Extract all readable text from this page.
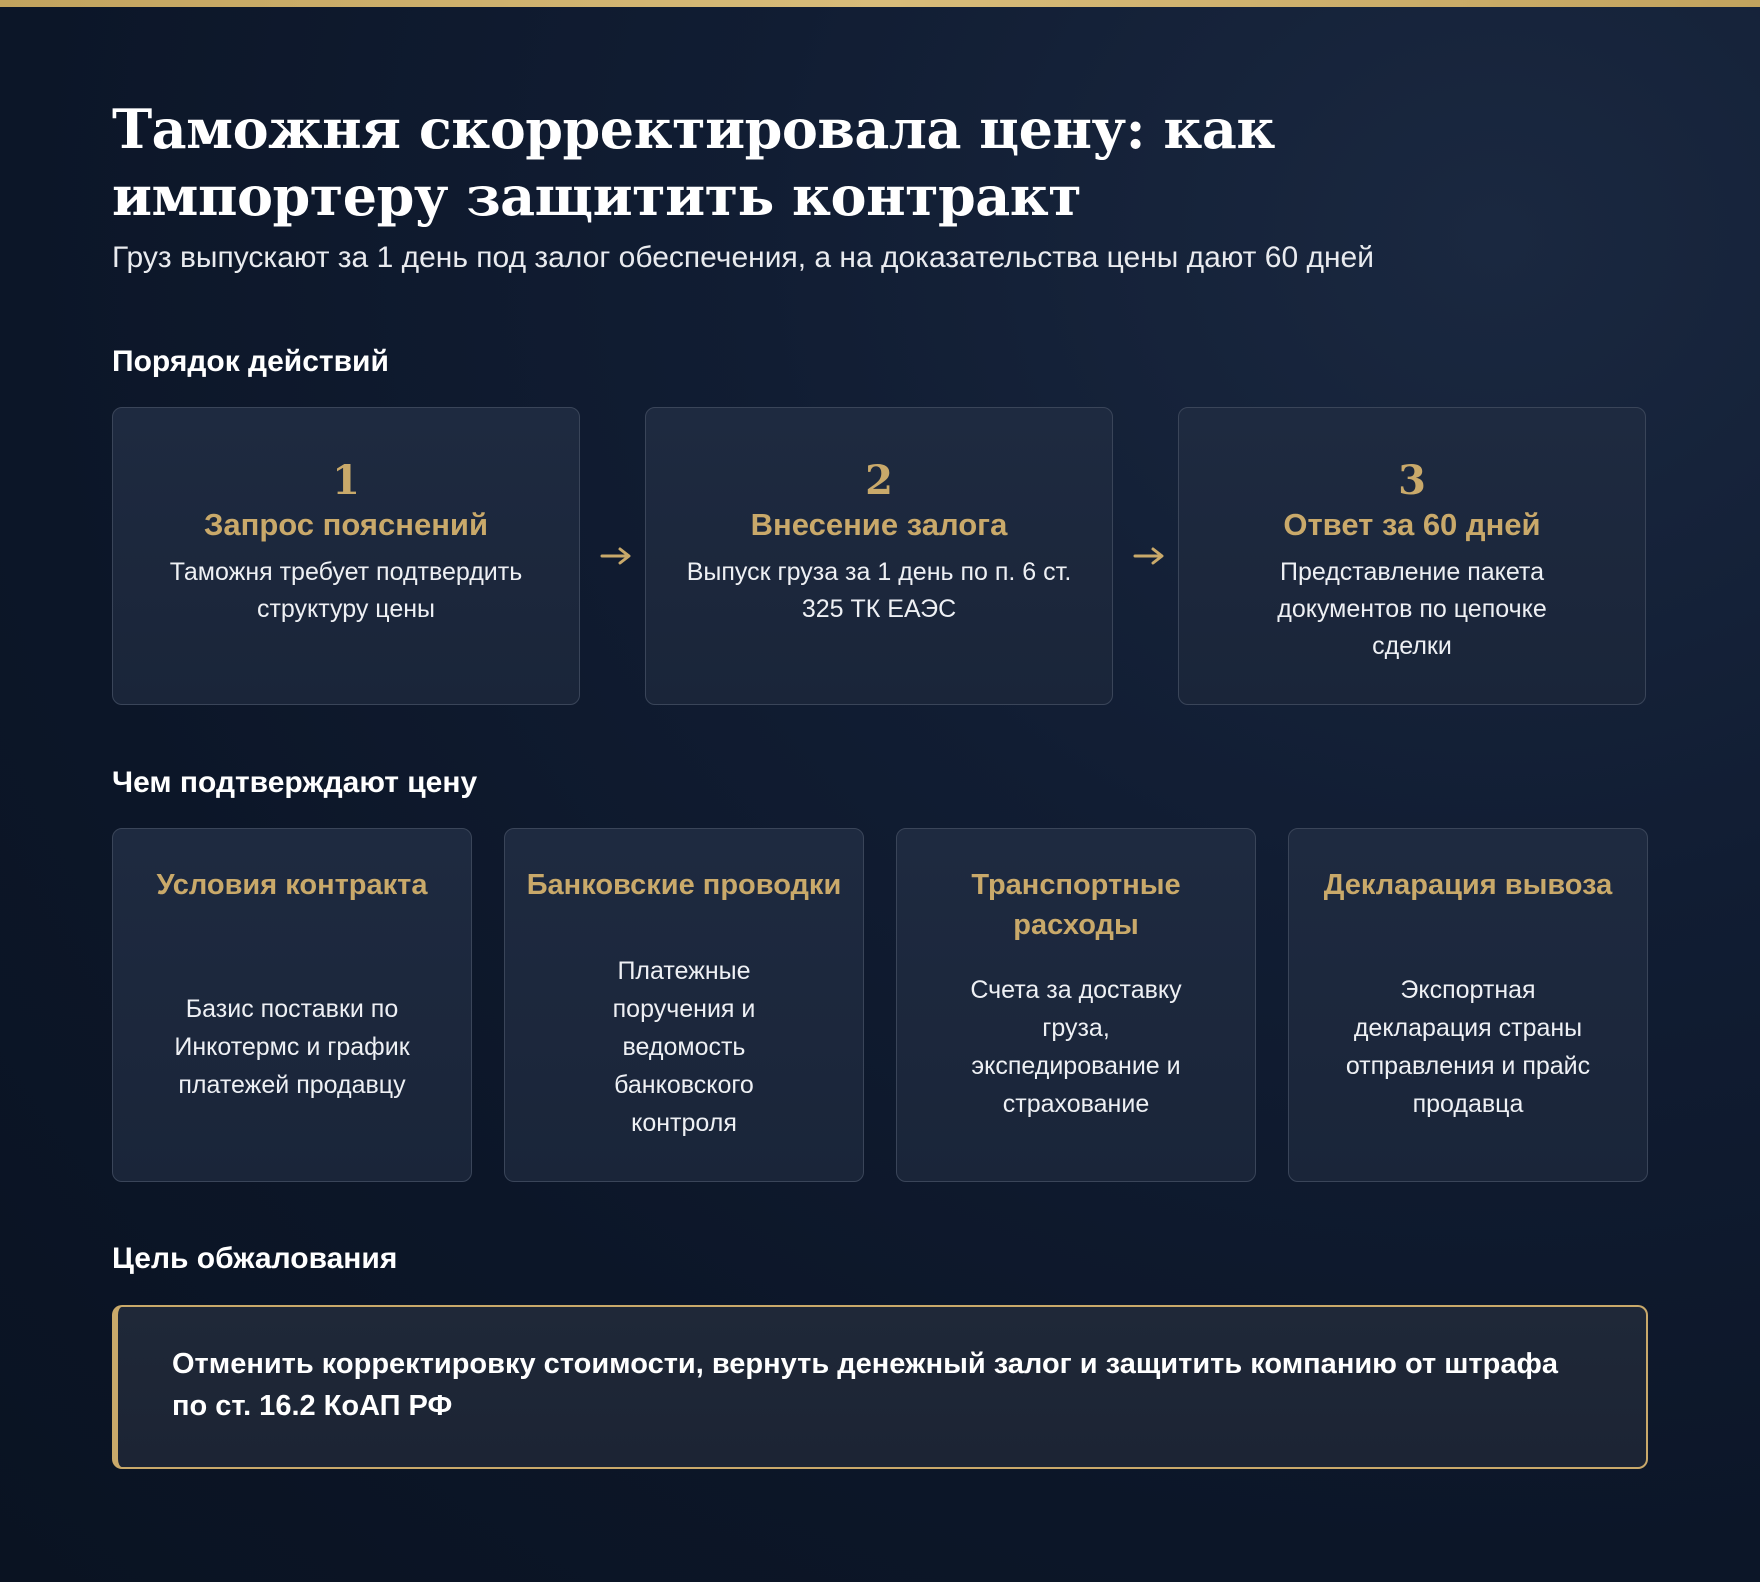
Таможня скорректировала цену: как импортеру защитить контракт

Груз выпускают за 1 день под залог обеспечения, а на доказательства цены дают 60 дней

Порядок действий
1
Запрос пояснений
Таможня требует подтвердить структуру цены
2
Внесение залога
Выпуск груза за 1 день по п. 6 ст. 325 ТК ЕАЭС
3
Ответ за 60 дней
Представление пакета документов по цепочке сделки
Чем подтверждают цену
Условия контракта
Базис поставки по Инкотермс и график платежей продавцу
Банковские проводки
Платежные поручения и ведомость банковского контроля
Транспортные расходы
Счета за доставку груза, экспедирование и страхование
Декларация вывоза
Экспортная декларация страны отправления и прайс продавца
Цель обжалования
Отменить корректировку стоимости, вернуть денежный залог и защитить компанию от штрафа по ст. 16.2 КоАП РФ
